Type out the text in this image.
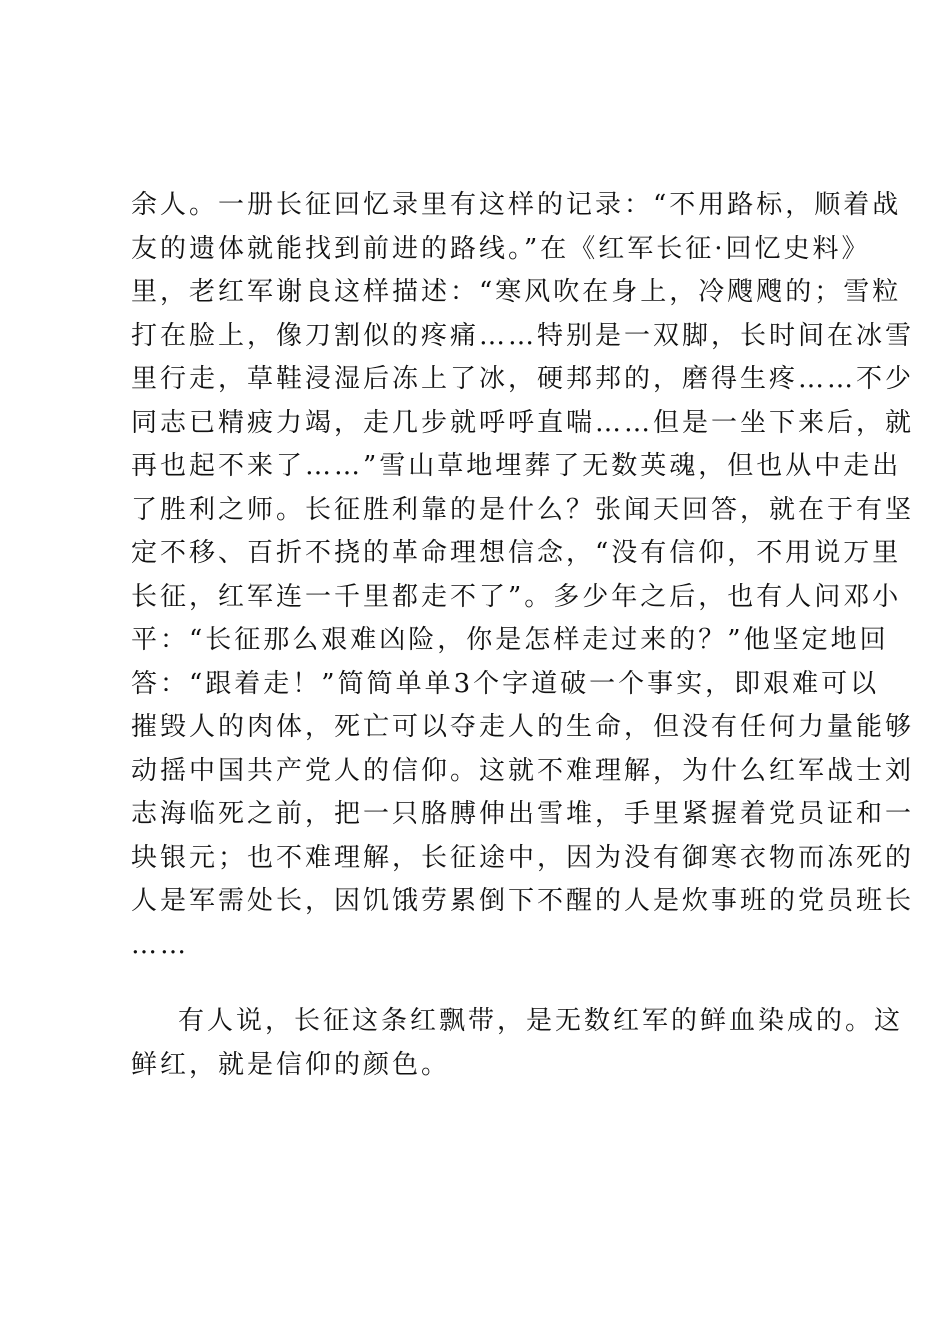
余人。一册长征回忆录里有这样的记录：“不用路标，顺着战
友的遗体就能找到前进的路线。”在《红军长征·回忆史料》
里，老红军谢良这样描述：“寒风吹在身上，冷飕飕的；雪粒
打在脸上，像刀割似的疼痛……特别是一双脚，长时间在冰雪
里行走，草鞋浸湿后冻上了冰，硬邦邦的，磨得生疼……不少
同志已精疲力竭，走几步就呼呼直喘……但是一坐下来后，就
再也起不来了……”雪山草地埋葬了无数英魂，但也从中走出
了胜利之师。长征胜利靠的是什么？张闻天回答，就在于有坚
定不移、百折不挠的革命理想信念，“没有信仰，不用说万里
长征，红军连一千里都走不了”。多少年之后，也有人问邓小
平：“长征那么艰难凶险，你是怎样走过来的？”他坚定地回
答：“跟着走！”简简单单3个字道破一个事实，即艰难可以
摧毁人的肉体，死亡可以夺走人的生命，但没有任何力量能够
动摇中国共产党人的信仰。这就不难理解，为什么红军战士刘
志海临死之前，把一只胳膊伸出雪堆，手里紧握着党员证和一
块银元；也不难理解，长征途中，因为没有御寒衣物而冻死的
人是军需处长，因饥饿劳累倒下不醒的人是炊事班的党员班长
……
有人说，长征这条红飘带，是无数红军的鲜血染成的。这
鲜红，就是信仰的颜色。
